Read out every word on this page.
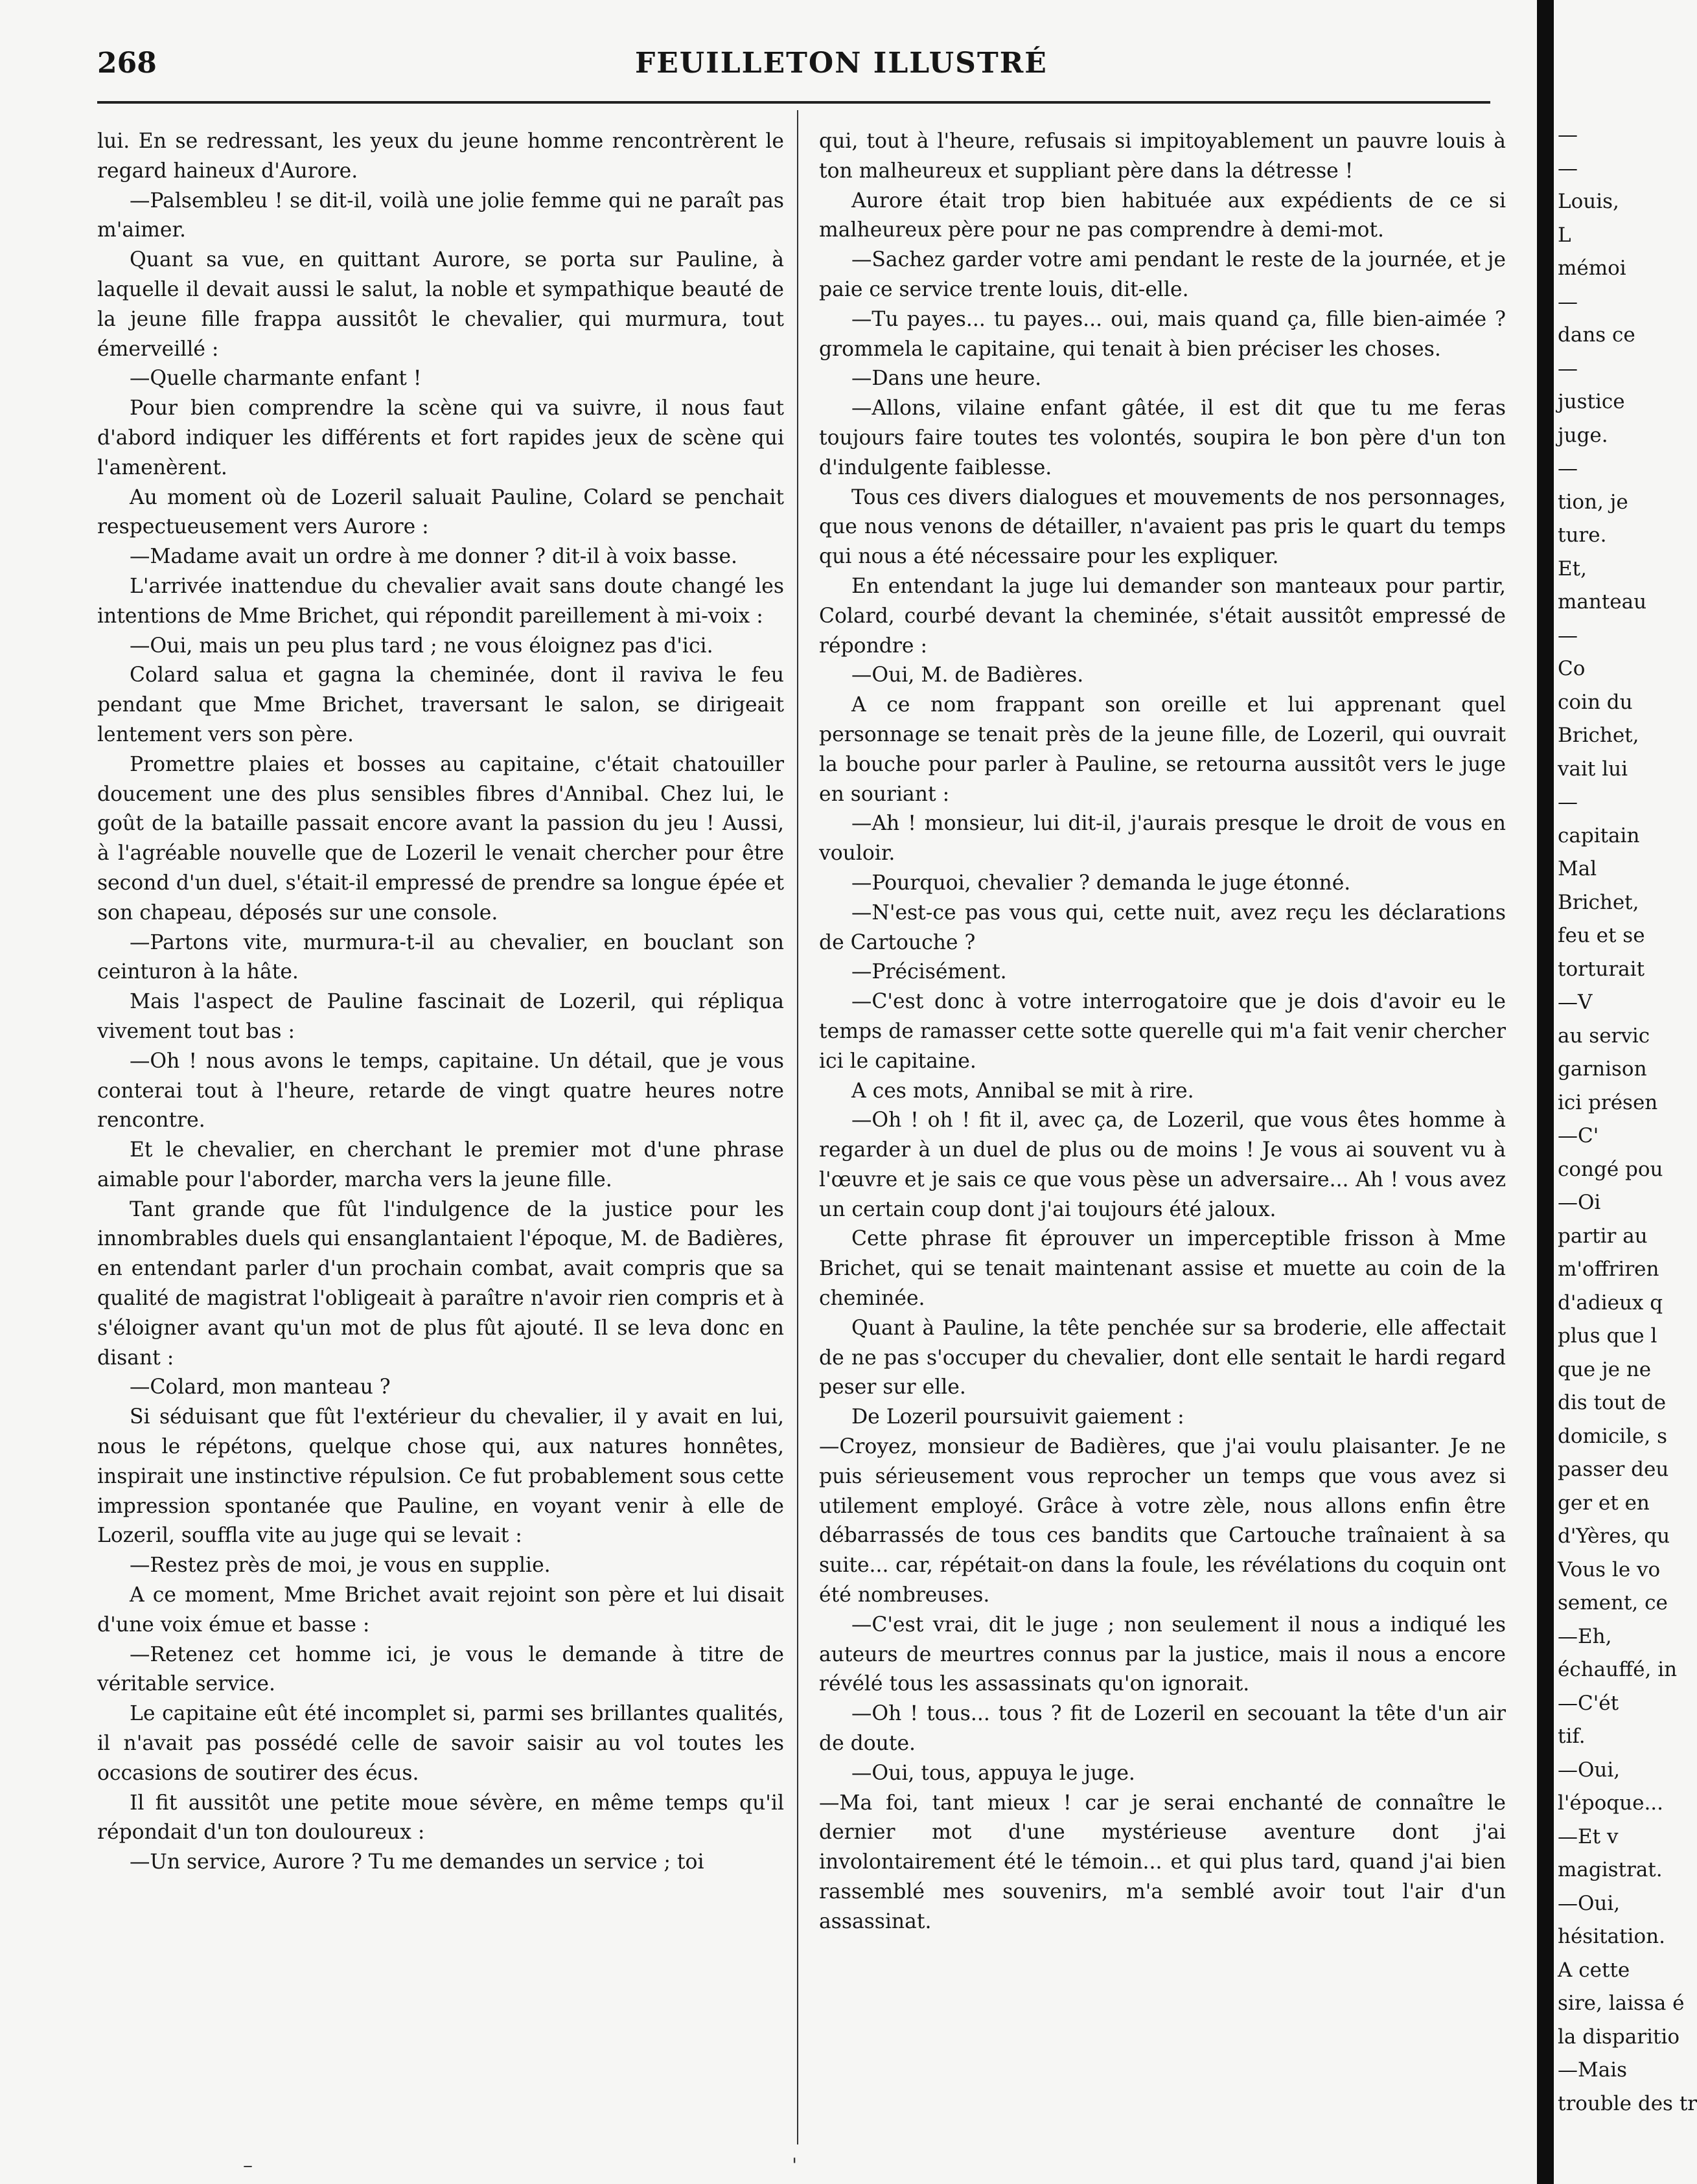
268	FEUILLETON ILLUSTRÉ

lui. En se redressant, les yeux du jeune homme rencontrèrent le regard haineux d'Aurore.

—Palsembleu ! se dit-il, voilà une jolie femme qui ne paraît pas m'aimer.

Quant sa vue, en quittant Aurore, se porta sur Pauline, à laquelle il devait aussi le salut, la noble et sympathique beauté de la jeune fille frappa aussitôt le chevalier, qui murmura, tout émerveillé :

—Quelle charmante enfant !

Pour bien comprendre la scène qui va suivre, il nous faut d'abord indiquer les différents et fort rapides jeux de scène qui l'amenèrent.

Au moment où de Lozeril saluait Pauline, Colard se penchait respectueusement vers Aurore :

—Madame avait un ordre à me donner ? dit-il à voix basse.

L'arrivée inattendue du chevalier avait sans doute changé les intentions de Mme Brichet, qui répondit pareillement à mi-voix :

—Oui, mais un peu plus tard ; ne vous éloignez pas d'ici.

Colard salua et gagna la cheminée, dont il raviva le feu pendant que Mme Brichet, traversant le salon, se dirigeait lentement vers son père.

Promettre plaies et bosses au capitaine, c'était chatouiller doucement une des plus sensibles fibres d'Annibal. Chez lui, le goût de la bataille passait encore avant la passion du jeu ! Aussi, à l'agréable nouvelle que de Lozeril le venait chercher pour être second d'un duel, s'était-il empressé de prendre sa longue épée et son chapeau, déposés sur une console.

—Partons vite, murmura-t-il au chevalier, en bouclant son ceinturon à la hâte.

Mais l'aspect de Pauline fascinait de Lozeril, qui répliqua vivement tout bas :

—Oh ! nous avons le temps, capitaine. Un détail, que je vous conterai tout à l'heure, retarde de vingt quatre heures notre rencontre.

Et le chevalier, en cherchant le premier mot d'une phrase aimable pour l'aborder, marcha vers la jeune fille.

Tant grande que fût l'indulgence de la justice pour les innombrables duels qui ensanglantaient l'époque, M. de Badières, en entendant parler d'un prochain combat, avait compris que sa qualité de magistrat l'obligeait à paraître n'avoir rien compris et à s'éloigner avant qu'un mot de plus fût ajouté. Il se leva donc en disant :

—Colard, mon manteau ?

Si séduisant que fût l'extérieur du chevalier, il y avait en lui, nous le répétons, quelque chose qui, aux natures honnêtes, inspirait une instinctive répulsion. Ce fut probablement sous cette impression spontanée que Pauline, en voyant venir à elle de Lozeril, souffla vite au juge qui se levait :

—Restez près de moi, je vous en supplie.

A ce moment, Mme Brichet avait rejoint son père et lui disait d'une voix émue et basse :

—Retenez cet homme ici, je vous le demande à titre de véritable service.

Le capitaine eût été incomplet si, parmi ses brillantes qualités, il n'avait pas possédé celle de savoir saisir au vol toutes les occasions de soutirer des écus.

Il fit aussitôt une petite moue sévère, en même temps qu'il répondait d'un ton douloureux :

—Un service, Aurore ? Tu me demandes un service ; toi

qui, tout à l'heure, refusais si impitoyablement un pauvre louis à ton malheureux et suppliant père dans la détresse !

Aurore était trop bien habituée aux expédients de ce si malheureux père pour ne pas comprendre à demi-mot.

—Sachez garder votre ami pendant le reste de la journée, et je paie ce service trente louis, dit-elle.

—Tu payes... tu payes... oui, mais quand ça, fille bien-aimée ? grommela le capitaine, qui tenait à bien préciser les choses.

—Dans une heure.

—Allons, vilaine enfant gâtée, il est dit que tu me feras toujours faire toutes tes volontés, soupira le bon père d'un ton d'indulgente faiblesse.

Tous ces divers dialogues et mouvements de nos personnages, que nous venons de détailler, n'avaient pas pris le quart du temps qui nous a été nécessaire pour les expliquer.

En entendant la juge lui demander son manteaux pour partir, Colard, courbé devant la cheminée, s'était aussitôt empressé de répondre :

—Oui, M. de Badières.

A ce nom frappant son oreille et lui apprenant quel personnage se tenait près de la jeune fille, de Lozeril, qui ouvrait la bouche pour parler à Pauline, se retourna aussitôt vers le juge en souriant :

—Ah ! monsieur, lui dit-il, j'aurais presque le droit de vous en vouloir.

—Pourquoi, chevalier ? demanda le juge étonné.

—N'est-ce pas vous qui, cette nuit, avez reçu les déclarations de Cartouche ?

—Précisément.

—C'est donc à votre interrogatoire que je dois d'avoir eu le temps de ramasser cette sotte querelle qui m'a fait venir chercher ici le capitaine.

A ces mots, Annibal se mit à rire.

—Oh ! oh ! fit il, avec ça, de Lozeril, que vous êtes homme à regarder à un duel de plus ou de moins ! Je vous ai souvent vu à l'œuvre et je sais ce que vous pèse un adversaire... Ah ! vous avez un certain coup dont j'ai toujours été jaloux.

Cette phrase fit éprouver un imperceptible frisson à Mme Brichet, qui se tenait maintenant assise et muette au coin de la cheminée.

Quant à Pauline, la tête penchée sur sa broderie, elle affectait de ne pas s'occuper du chevalier, dont elle sentait le hardi regard peser sur elle.

De Lozeril poursuivit gaiement :

—Croyez, monsieur de Badières, que j'ai voulu plaisanter. Je ne puis sérieusement vous reprocher un temps que vous avez si utilement employé. Grâce à votre zèle, nous allons enfin être débarrassés de tous ces bandits que Cartouche traînaient à sa suite... car, répétait-on dans la foule, les révélations du coquin ont été nombreuses.

—C'est vrai, dit le juge ; non seulement il nous a indiqué les auteurs de meurtres connus par la justice, mais il nous a encore révélé tous les assassinats qu'on ignorait.

—Oh ! tous... tous ? fit de Lozeril en secouant la tête d'un air de doute.

—Oui, tous, appuya le juge.

—Ma foi, tant mieux ! car je serai enchanté de connaître le dernier mot d'une mystérieuse aventure dont j'ai involontairement été le témoin... et qui plus tard, quand j'ai bien rassemblé mes souvenirs, m'a semblé avoir tout l'air d'un assassinat.

—
—
Louis,
L
mémoi
—
dans ce
—
justice
juge.
—
tion, je
ture.
Et,
manteau
—
Co
coin du
Brichet,
vait lui
—
capitain
Mal
Brichet,
feu et se
torturait
—V
au servic
garnison
ici présen
—C'
congé pou
—Oi
partir au
m'offriren
d'adieux q
plus que l
que je ne
dis tout de
domicile, s
passer deu
ger et en
d'Yères, qu
Vous le vo
sement, ce
—Eh,
échauffé, in
—C'ét
tif.
—Oui,
l'époque...
—Et v
magistrat.
—Oui,
hésitation.
A cette
sire, laissa é
la disparitio
—Mais
trouble des tr
–	'
